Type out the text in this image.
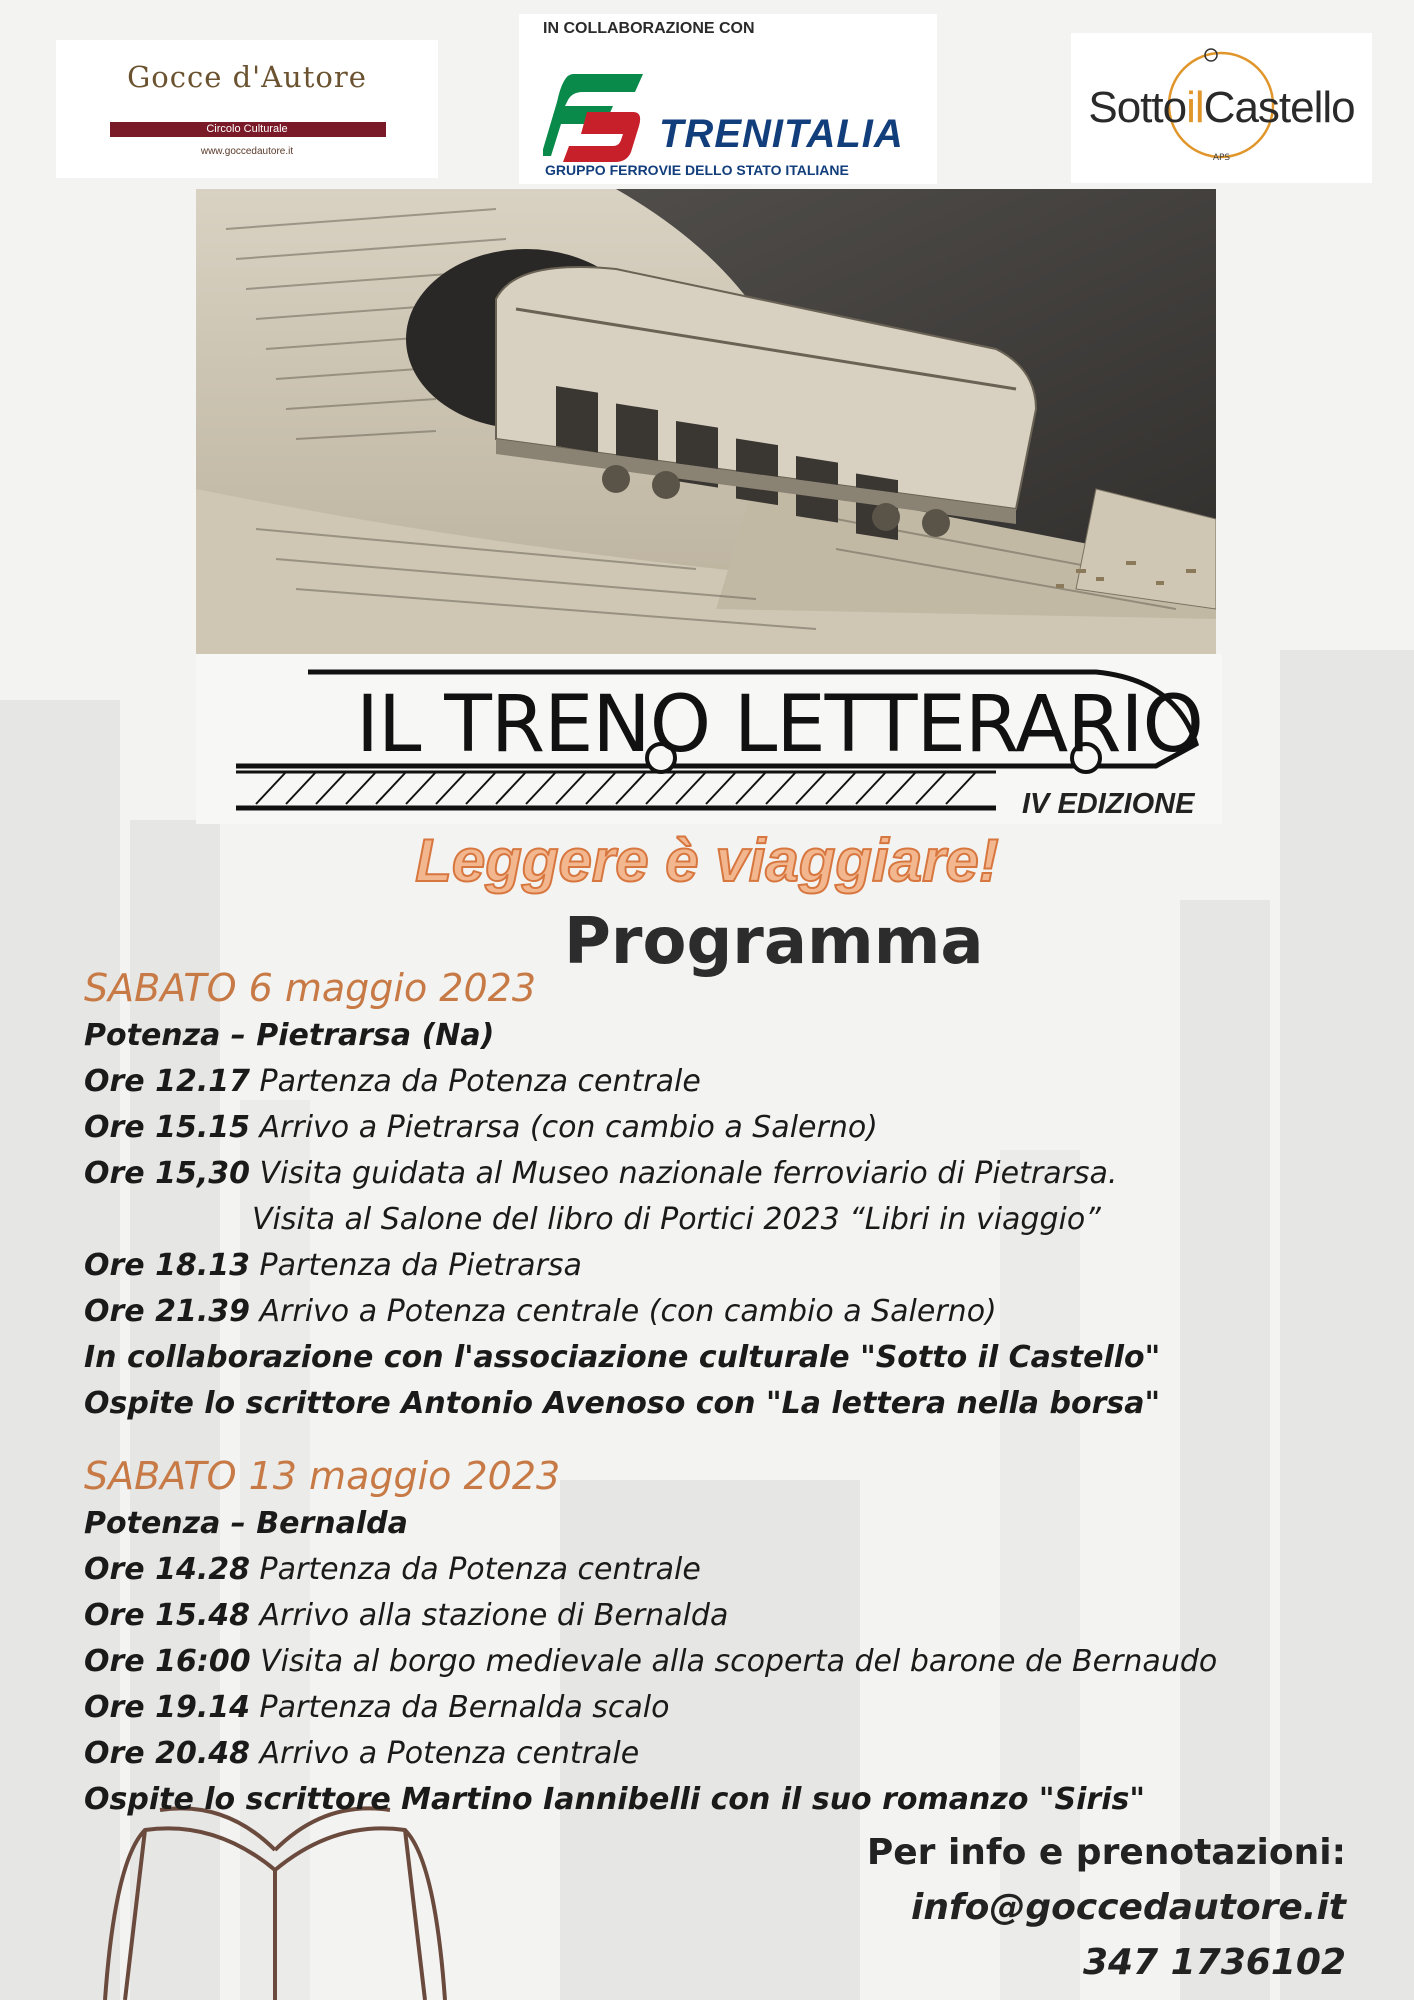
Gocce d'Autore
Circolo Culturale
www.goccedautore.it
IN COLLABORAZIONE CON
TRENITALIA
GRUPPO FERROVIE DELLO STATO ITALIANE
SottoilCastello
APS
IL TRENO LETTERARIO
IV EDIZIONE
Leggere è viaggiare!
Programma
SABATO 6 maggio 2023
Potenza – Pietrarsa (Na)
Ore 12.17 Partenza da Potenza centrale
Ore 15.15 Arrivo a Pietrarsa (con cambio a Salerno)
Ore 15,30 Visita guidata al Museo nazionale ferroviario di Pietrarsa.
Visita al Salone del libro di Portici 2023 “Libri in viaggio”
Ore 18.13 Partenza da Pietrarsa
Ore 21.39 Arrivo a Potenza centrale (con cambio a Salerno)
In collaborazione con l'associazione culturale "Sotto il Castello"
Ospite lo scrittore Antonio Avenoso con "La lettera nella borsa"
SABATO 13 maggio 2023
Potenza – Bernalda
Ore 14.28 Partenza da Potenza centrale
Ore 15.48 Arrivo alla stazione di Bernalda
Ore 16:00 Visita al borgo medievale alla scoperta del barone de Bernaudo
Ore 19.14 Partenza da Bernalda scalo
Ore 20.48 Arrivo a Potenza centrale
Ospite lo scrittore Martino Iannibelli con il suo romanzo "Siris"
Per info e prenotazioni:
info@goccedautore.it
347 1736102
